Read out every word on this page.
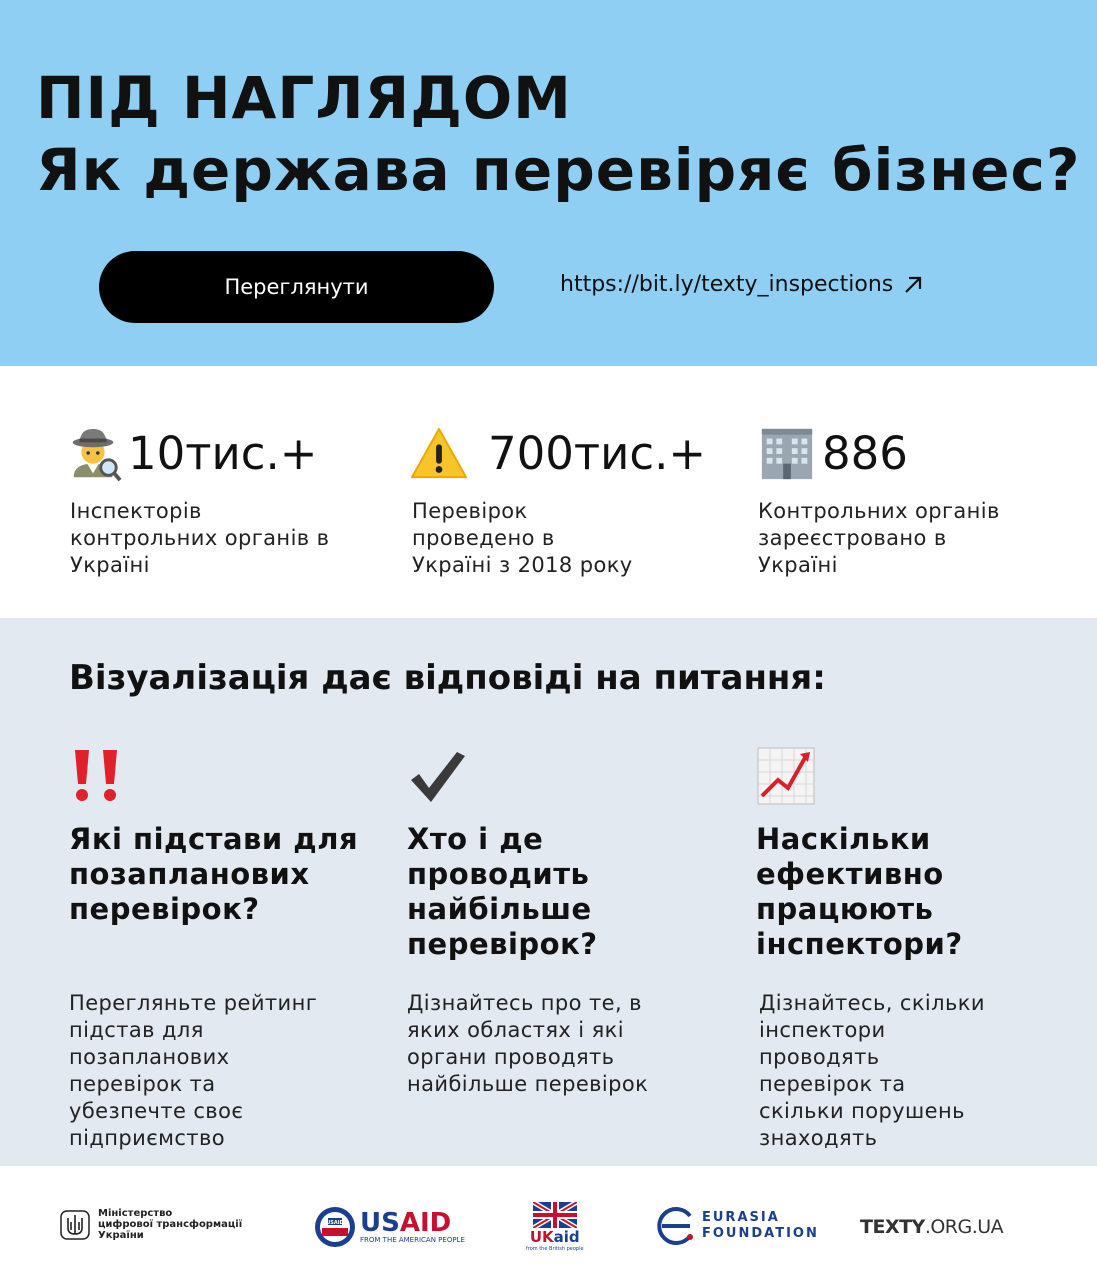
ПІД НАГЛЯДОМ
Як держава перевіряє бізнес?
Переглянути	https://bit.ly/texty_inspections
10тис.+
Інспекторів
контрольних органів в
Україні
700тис.+
Перевірок
проведено в
Україні з 2018 року
886
Контрольних органів
зареєстровано в
Україні
Візуалізація дає відповіді на питання:
Які підстави для
позапланових
перевірок?
Перегляньте рейтинг
підстав для
позапланових
перевірок та
убезпечте своє
підприємство
Хто і де
проводить
найбільше
перевірок?
Дізнайтесь про те, в
яких областях і які
органи проводять
найбільше перевірок
Наскільки
ефективно
працюють
інспектори?
Дізнайтесь, скільки
інспектори
проводять
перевірок та
скільки порушень
знаходять
Міністерство
цифрової трансформації
України
USAID USAID
FROM THE AMERICAN PEOPLE	UKaid
from the British people
EURASIA
FOUNDATION TEXTY .ORG.UA
